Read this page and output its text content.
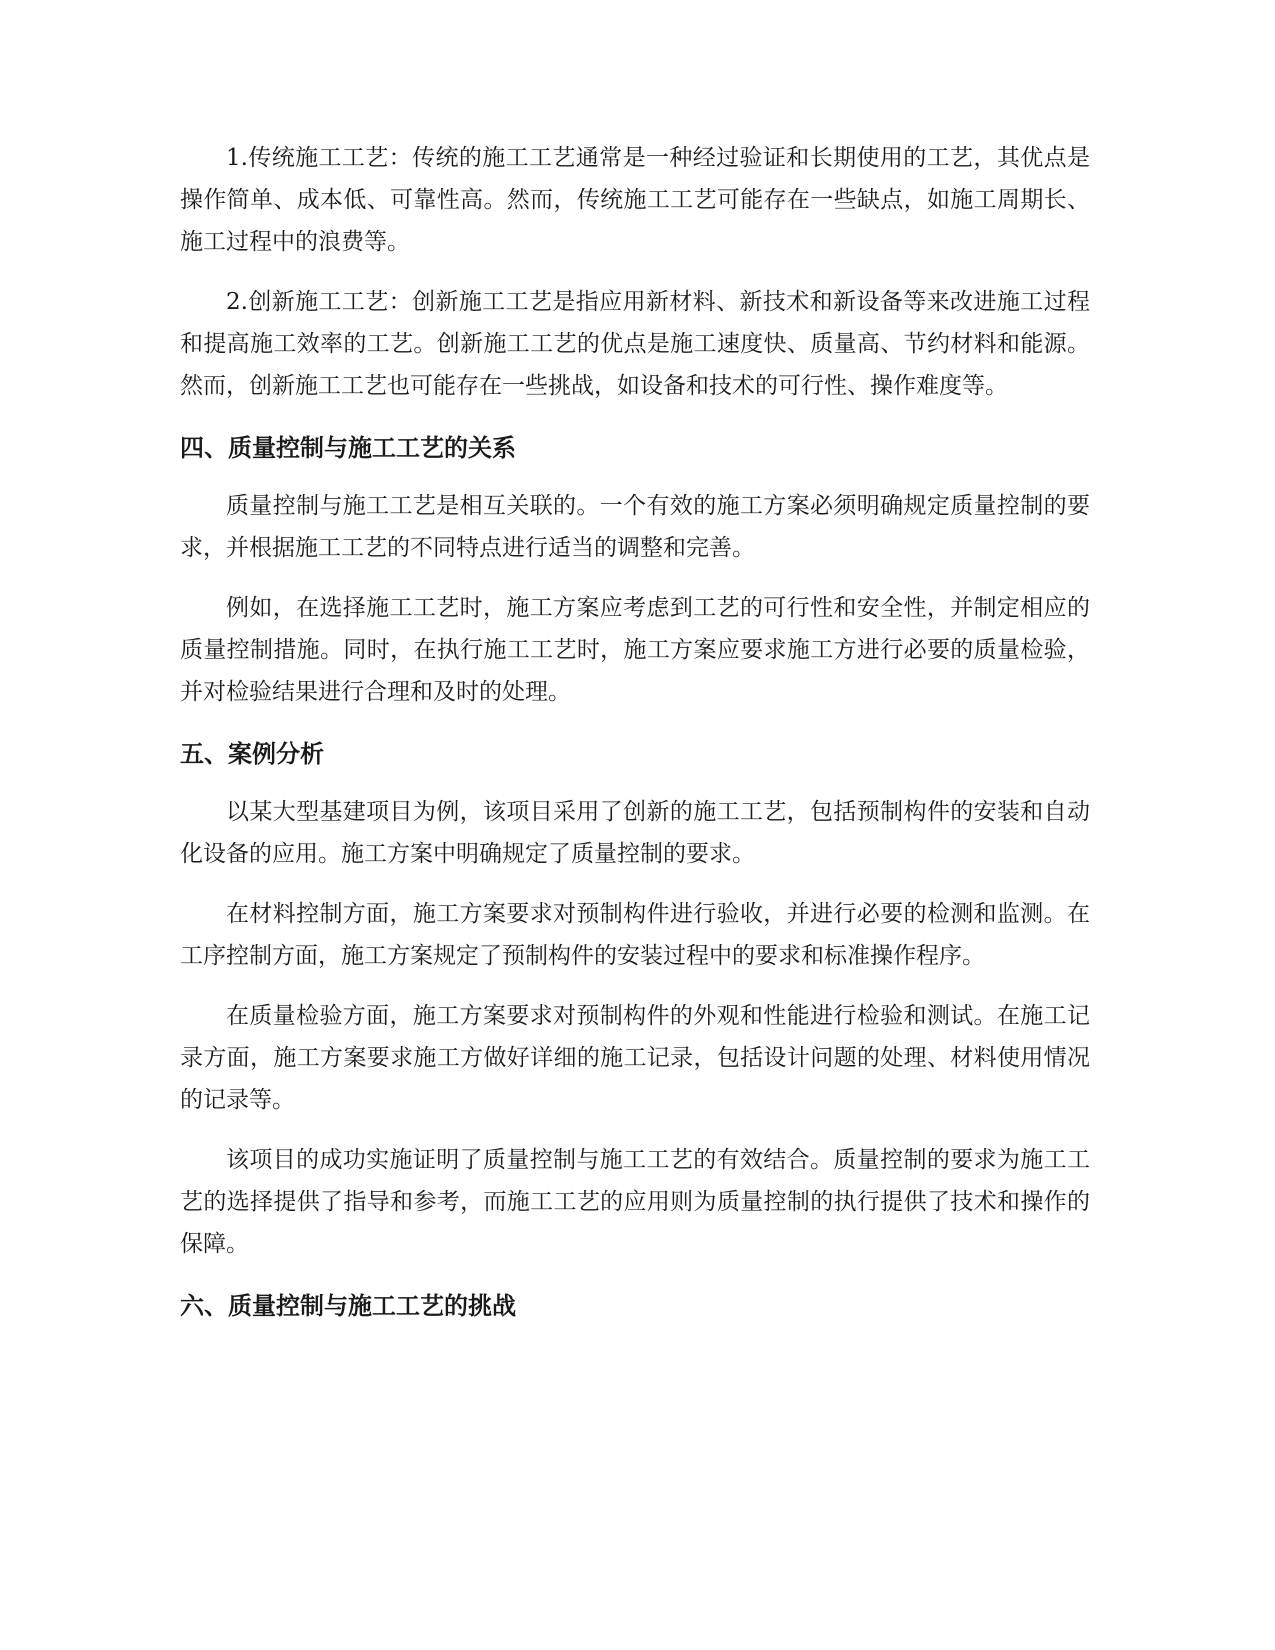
1.传统施工工艺：传统的施工工艺通常是一种经过验证和长期使用的工艺，其优点是操作简单、成本低、可靠性高。然而，传统施工工艺可能存在一些缺点，如施工周期长、施工过程中的浪费等。

2.创新施工工艺：创新施工工艺是指应用新材料、新技术和新设备等来改进施工过程和提高施工效率的工艺。创新施工工艺的优点是施工速度快、质量高、节约材料和能源。然而，创新施工工艺也可能存在一些挑战，如设备和技术的可行性、操作难度等。

四、质量控制与施工工艺的关系

质量控制与施工工艺是相互关联的。一个有效的施工方案必须明确规定质量控制的要求，并根据施工工艺的不同特点进行适当的调整和完善。

例如，在选择施工工艺时，施工方案应考虑到工艺的可行性和安全性，并制定相应的质量控制措施。同时，在执行施工工艺时，施工方案应要求施工方进行必要的质量检验，并对检验结果进行合理和及时的处理。

五、案例分析

以某大型基建项目为例，该项目采用了创新的施工工艺，包括预制构件的安装和自动化设备的应用。施工方案中明确规定了质量控制的要求。

在材料控制方面，施工方案要求对预制构件进行验收，并进行必要的检测和监测。在工序控制方面，施工方案规定了预制构件的安装过程中的要求和标准操作程序。

在质量检验方面，施工方案要求对预制构件的外观和性能进行检验和测试。在施工记录方面，施工方案要求施工方做好详细的施工记录，包括设计问题的处理、材料使用情况的记录等。

该项目的成功实施证明了质量控制与施工工艺的有效结合。质量控制的要求为施工工艺的选择提供了指导和参考，而施工工艺的应用则为质量控制的执行提供了技术和操作的保障。

六、质量控制与施工工艺的挑战
